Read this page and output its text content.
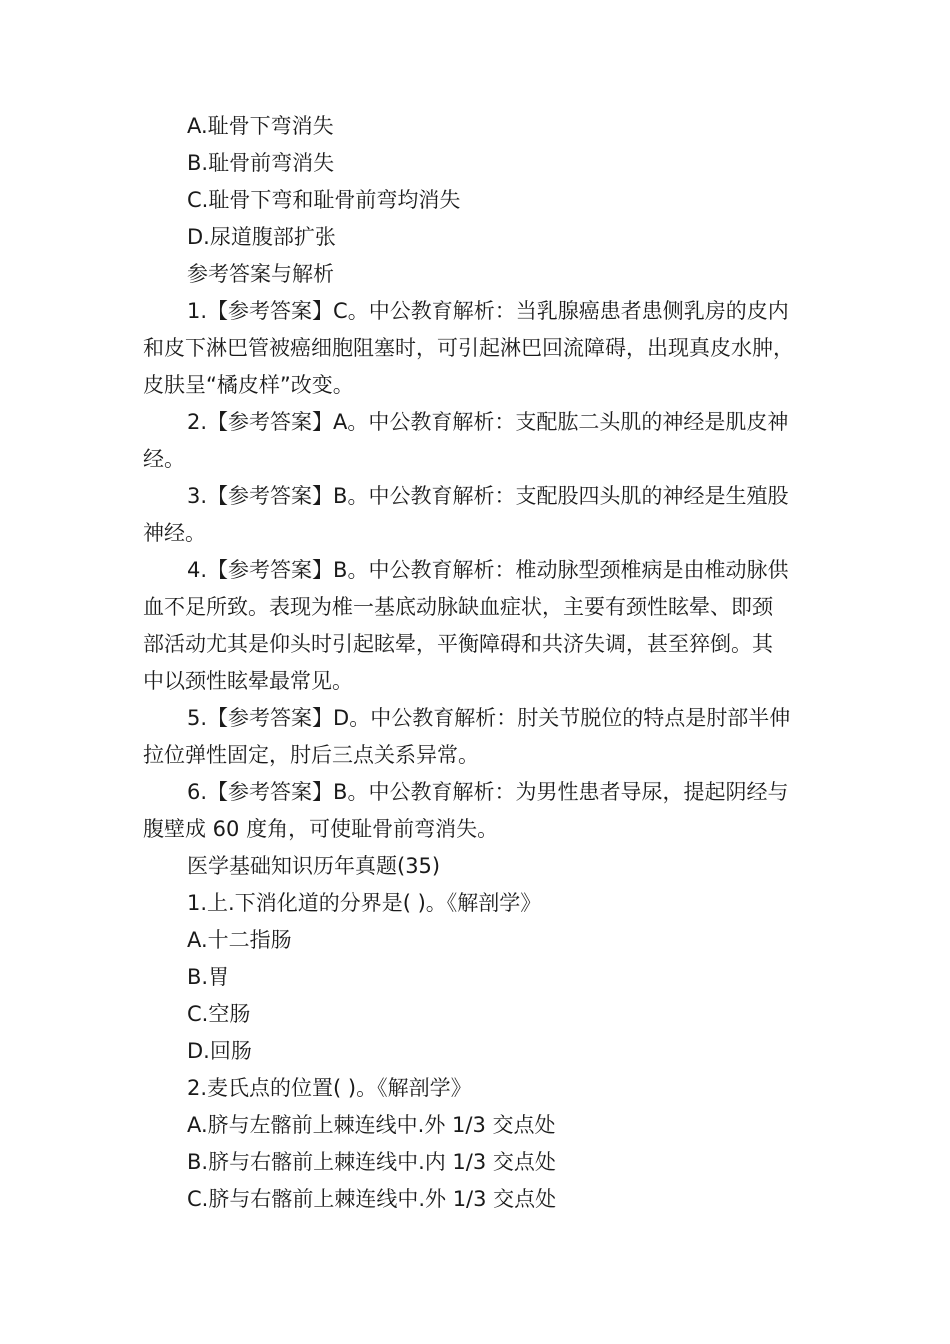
A.耻骨下弯消失
B.耻骨前弯消失
C.耻骨下弯和耻骨前弯均消失
D.尿道腹部扩张
参考答案与解析
1.【参考答案】C。中公教育解析：当乳腺癌患者患侧乳房的皮内
和皮下淋巴管被癌细胞阻塞时，可引起淋巴回流障碍，出现真皮水肿，
皮肤呈“橘皮样”改变。
2.【参考答案】A。中公教育解析：支配肱二头肌的神经是肌皮神
经。
3.【参考答案】B。中公教育解析：支配股四头肌的神经是生殖股
神经。
4.【参考答案】B。中公教育解析：椎动脉型颈椎病是由椎动脉供
血不足所致。表现为椎一基底动脉缺血症状，主要有颈性眩晕、即颈
部活动尤其是仰头时引起眩晕，平衡障碍和共济失调，甚至猝倒。其
中以颈性眩晕最常见。
5.【参考答案】D。中公教育解析：肘关节脱位的特点是肘部半伸
拉位弹性固定，肘后三点关系异常。
6.【参考答案】B。中公教育解析：为男性患者导尿，提起阴经与
腹壁成 60 度角，可使耻骨前弯消失。
医学基础知识历年真题(35)
1.上.下消化道的分界是( )。《解剖学》
A.十二指肠
B.胃
C.空肠
D.回肠
2.麦氏点的位置( )。《解剖学》
A.脐与左髂前上棘连线中.外 1/3 交点处
B.脐与右髂前上棘连线中.内 1/3 交点处
C.脐与右髂前上棘连线中.外 1/3 交点处
